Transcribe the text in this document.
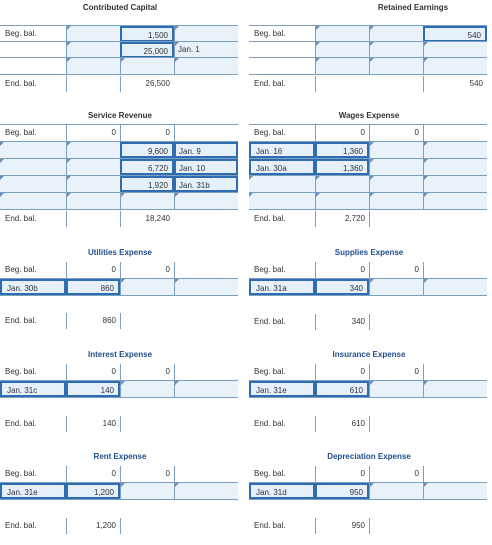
Contributed Capital
Beg. bal.	1,500
25,000	Jan. 1
End. bal.	26,500
Service Revenue
Beg. bal.	0	0
9,600	Jan. 9
6,720	Jan. 10
1,920	Jan. 31b
End. bal.	18,240
Utilities Expense
Beg. bal.	0	0
Jan. 30b	860
End. bal.	860
Interest Expense
Beg. bal.	0	0
Jan. 31c	140
End. bal.	140
Rent Expense
Beg. bal.	0	0
Jan. 31e	1,200
End. bal.	1,200
Retained Earnings
Beg. bal.	540
End. bal.	540
Wages Expense
Beg. bal.	0	0
Jan. 16	1,360
Jan. 30a	1,360
End. bal.	2,720
Supplies Expense
Beg. bal.	0	0
Jan. 31a	340
End. bal.	340
Insurance Expense
Beg. bal.	0	0
Jan. 31e	610
End. bal.	610
Depreciation Expense
Beg. bal.	0	0
Jan. 31d	950
End. bal.	950
